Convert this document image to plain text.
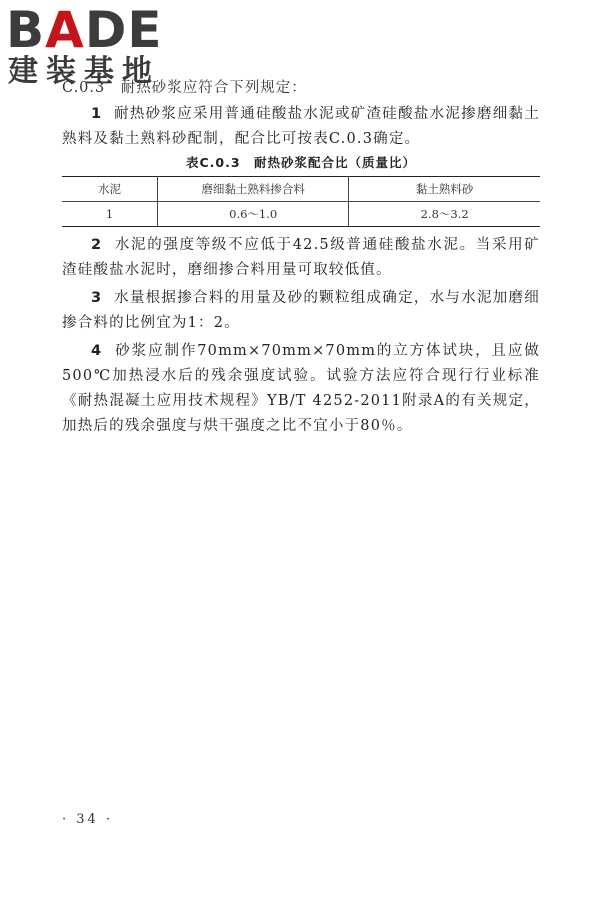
BADE
建装基地
C.0.3　耐热砂浆应符合下列规定：
1 耐热砂浆应采用普通硅酸盐水泥或矿渣硅酸盐水泥掺磨细黏土熟料及黏土熟料砂配制，配合比可按表C.0.3确定。
表C.0.3　耐热砂浆配合比（质量比）
水泥	磨细黏土熟料掺合料	黏土熟料砂
1	0.6～1.0	2.8～3.2
2 水泥的强度等级不应低于42.5级普通硅酸盐水泥。当采用矿渣硅酸盐水泥时，磨细掺合料用量可取较低值。
3 水量根据掺合料的用量及砂的颗粒组成确定，水与水泥加磨细掺合料的比例宜为1：2。
4 砂浆应制作70mm×70mm×70mm的立方体试块，且应做500℃加热浸水后的残余强度试验。试验方法应符合现行行业标准《耐热混凝土应用技术规程》YB/T 4252-2011附录A的有关规定，加热后的残余强度与烘干强度之比不宜小于80％。
· 34 ·
